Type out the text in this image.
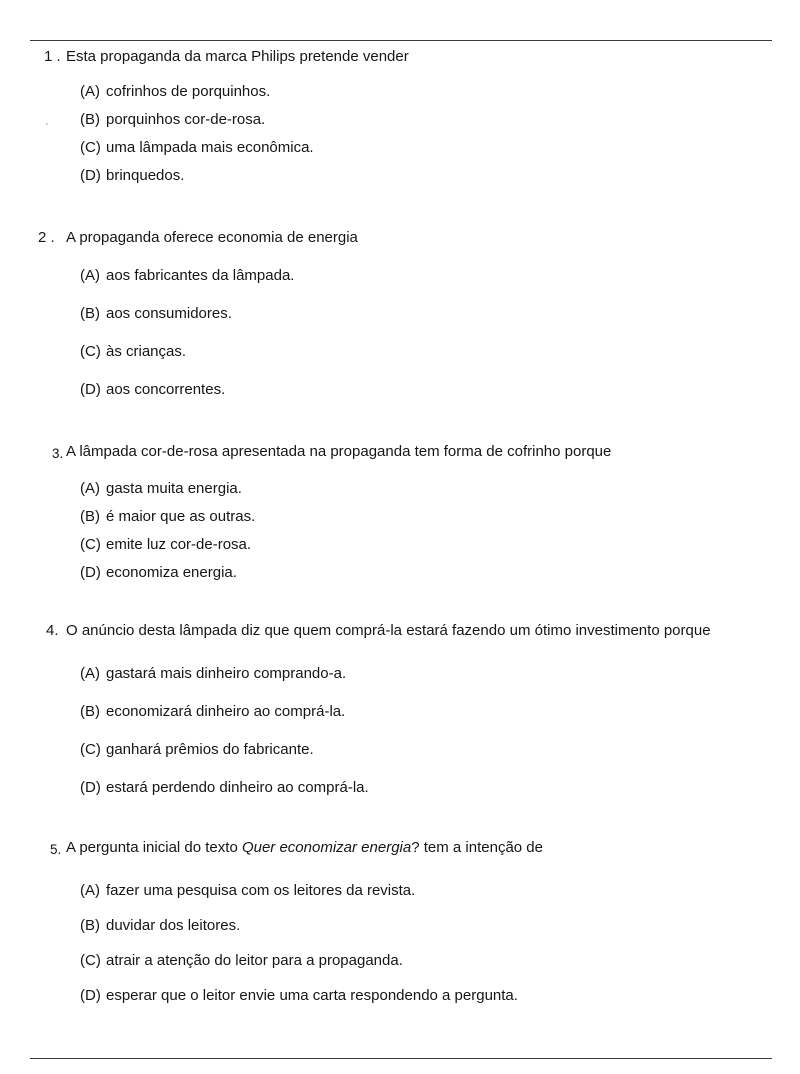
·
1 . Esta propaganda da marca Philips pretende vender
(A) cofrinhos de porquinhos.
(B) porquinhos cor-de-rosa.
(C) uma lâmpada mais econômica.
(D) brinquedos.
2 . A propaganda oferece economia de energia
(A) aos fabricantes da lâmpada.
(B) aos consumidores.
(C) às crianças.
(D) aos concorrentes.
3. A lâmpada cor-de-rosa apresentada na propaganda tem forma de cofrinho porque
(A) gasta muita energia.
(B) é maior que as outras.
(C) emite luz cor-de-rosa.
(D) economiza energia.
4. O anúncio desta lâmpada diz que quem comprá-la estará fazendo um ótimo investimento porque
(A) gastará mais dinheiro comprando-a.
(B) economizará dinheiro ao comprá-la.
(C) ganhará prêmios do fabricante.
(D) estará perdendo dinheiro ao comprá-la.
5. A pergunta inicial do texto Quer economizar energia? tem a intenção de
(A) fazer uma pesquisa com os leitores da revista.
(B) duvidar dos leitores.
(C) atrair a atenção do leitor para a propaganda.
(D) esperar que o leitor envie uma carta respondendo a pergunta.
